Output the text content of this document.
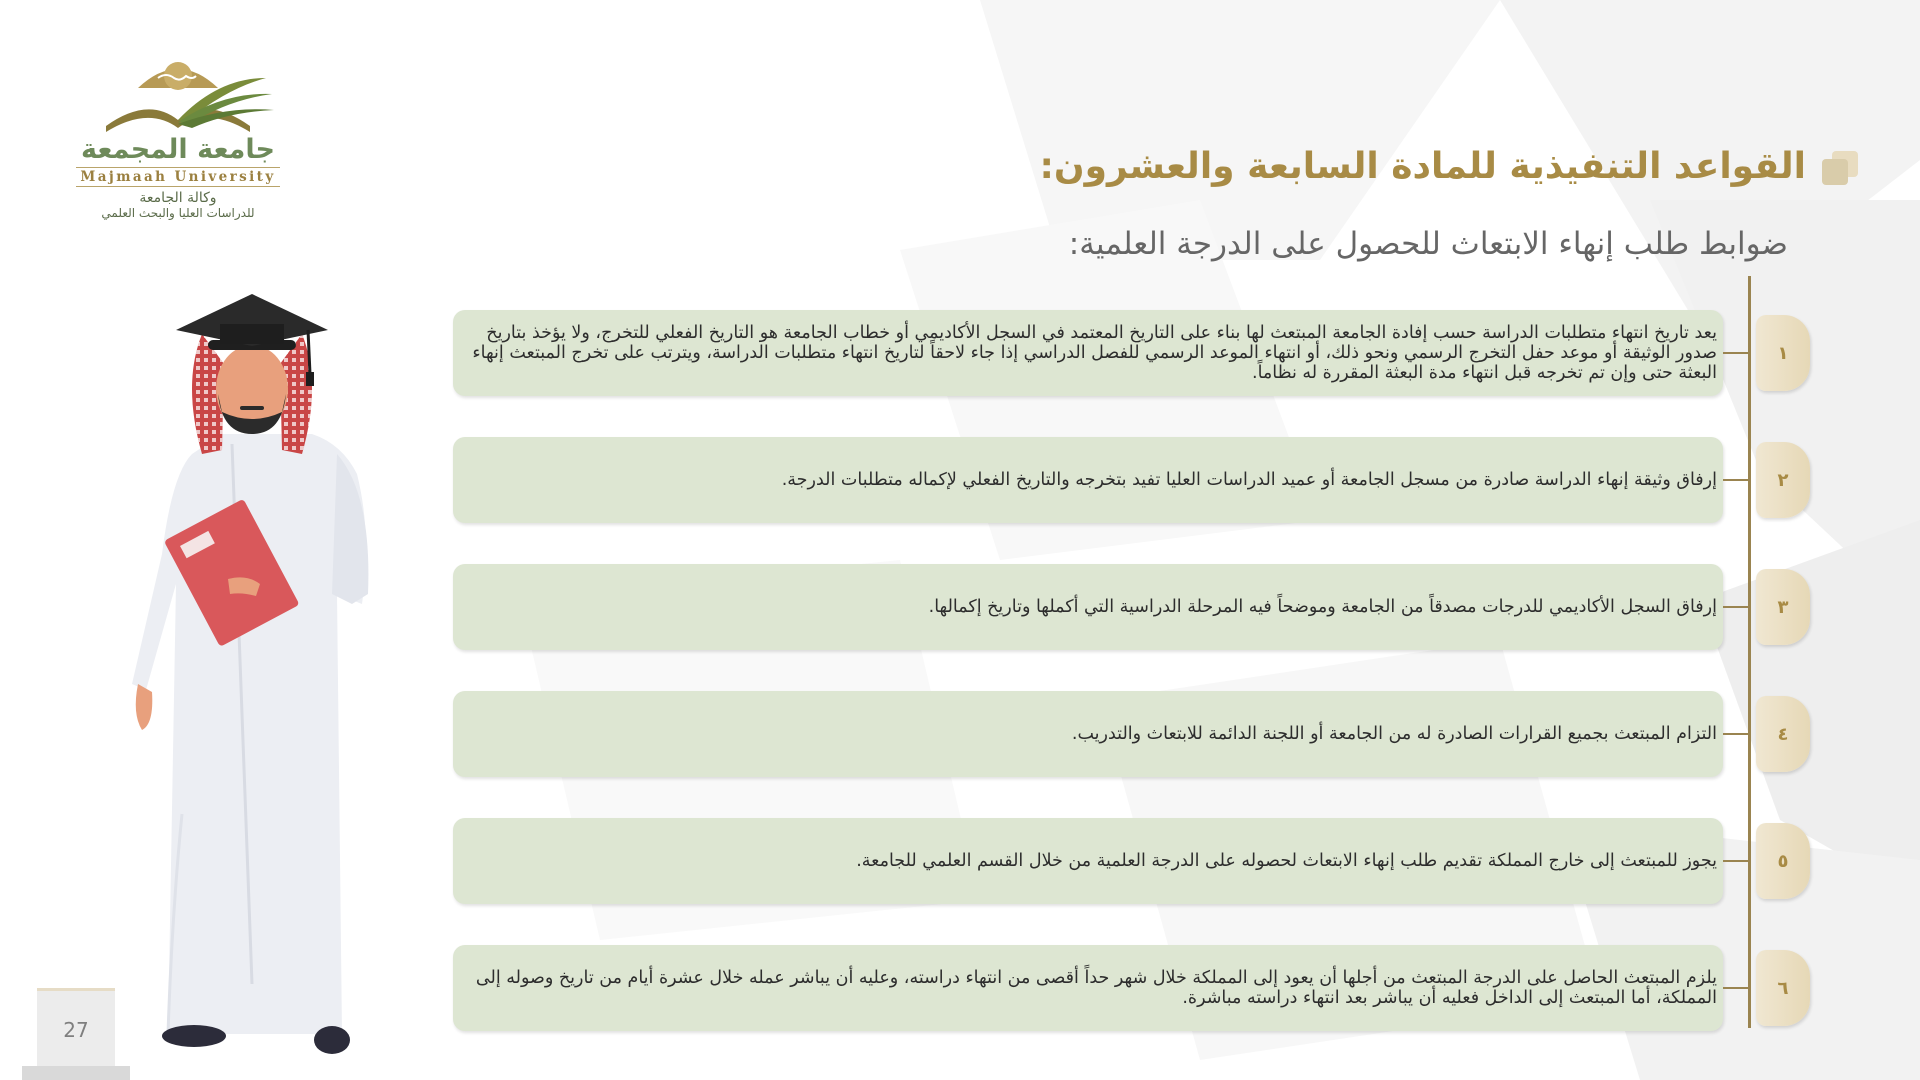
جامعة المجمعة
Majmaah University
وكالة الجامعة
للدراسات العليا والبحث العلمي
القواعد التنفيذية للمادة السابعة والعشرون:
ضوابط طلب إنهاء الابتعاث للحصول على الدرجة العلمية:
يعد تاريخ انتهاء متطلبات الدراسة حسب إفادة الجامعة المبتعث لها بناء على التاريخ المعتمد في السجل الأكاديمي أو خطاب الجامعة هو التاريخ الفعلي للتخرج، ولا يؤخذ بتاريخ صدور الوثيقة أو موعد حفل التخرج الرسمي ونحو ذلك، أو انتهاء الموعد الرسمي للفصل الدراسي إذا جاء لاحقاً لتاريخ انتهاء متطلبات الدراسة، ويترتب على تخرج المبتعث إنهاء البعثة حتى وإن تم تخرجه قبل انتهاء مدة البعثة المقررة له نظاماً.
١
إرفاق وثيقة إنهاء الدراسة صادرة من مسجل الجامعة أو عميد الدراسات العليا تفيد بتخرجه والتاريخ الفعلي لإكماله متطلبات الدرجة.	٢
إرفاق السجل الأكاديمي للدرجات مصدقاً من الجامعة وموضحاً فيه المرحلة الدراسية التي أكملها وتاريخ إكمالها.	٣
التزام المبتعث بجميع القرارات الصادرة له من الجامعة أو اللجنة الدائمة للابتعاث والتدريب.	٤
يجوز للمبتعث إلى خارج المملكة تقديم طلب إنهاء الابتعاث لحصوله على الدرجة العلمية من خلال القسم العلمي للجامعة.	٥
يلزم المبتعث الحاصل على الدرجة المبتعث من أجلها أن يعود إلى المملكة خلال شهر حداً أقصى من انتهاء دراسته، وعليه أن يباشر عمله خلال عشرة أيام من تاريخ وصوله إلى المملكة، أما المبتعث إلى الداخل فعليه أن يباشر بعد انتهاء دراسته مباشرة.	٦
27
